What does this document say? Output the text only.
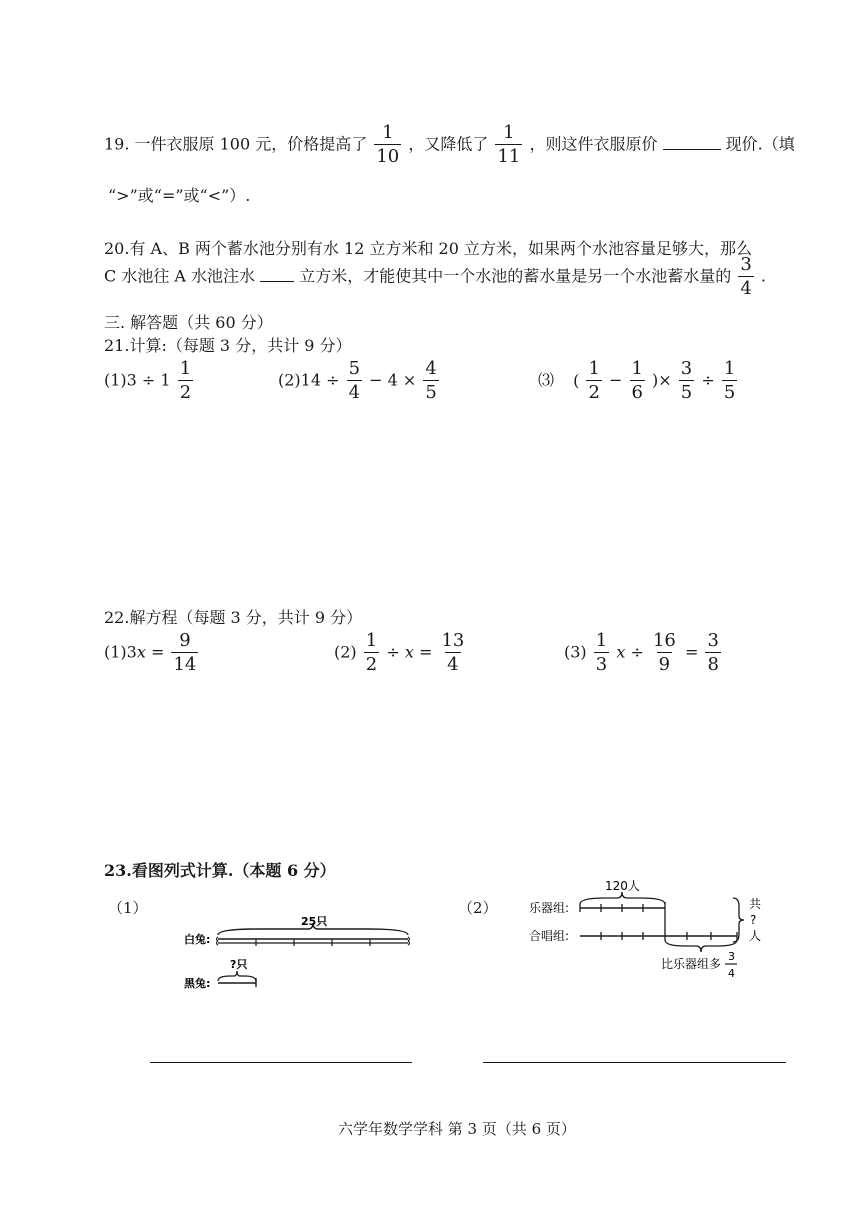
19. 一件衣服原 100 元，价格提高了 $\frac{1}{10}$ ，又降低了 $\frac{1}{11}$ ，则这件衣服原价	现价.（填
“>”或“=”或“<”）.
20.有 A、B 两个蓄水池分别有水 12 立方米和 20 立方米，如果两个水池容量足够大，那么
C 水池往 A 水池注水	立方米，才能使其中一个水池的蓄水量是另一个水池蓄水量的 $\frac{3}{4}$ .
三. 解答题（共 60 分）
21.计算:（每题 3 分，共计 9 分）
$(1)3 \div 1 \frac{1}{2}$	$(2)14 \div \frac{5}{4} - 4 \times \frac{4}{5}$	⑶ ( $\frac{1}{2} - \frac{1}{6}$ )× $\frac{3}{5} \div \frac{1}{5}$
22.解方程（每题 3 分，共计 9 分）
$(1)3x = \frac{9}{14}$	$(2) \frac{1}{2} \div x = \frac{13}{4}$	$(3) \frac{1}{3}$ $x \div \frac{16}{9} = \frac{3}{8}$
23.看图列式计算.（本题 6 分）
（1）
白兔:
25只
黑兔:
?只
（2）	乐器组:
120人
合唱组:
比乐器组多
3
4
共
?
人
六学年数学学科 第 3 页（共 6 页）
